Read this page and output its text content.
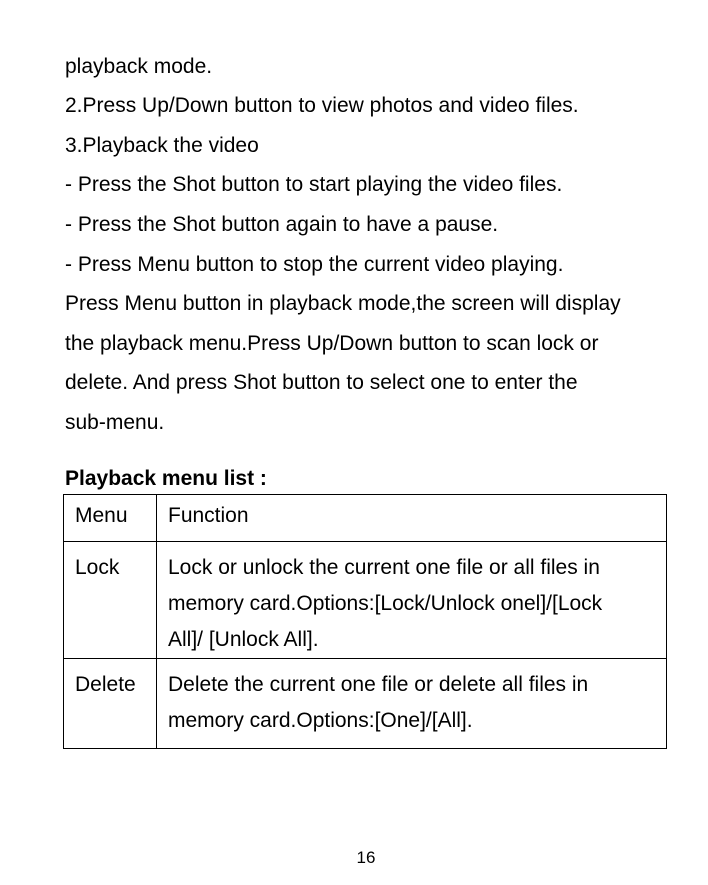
playback mode.
2.Press Up/Down button to view photos and video files.
3.Playback the video
- Press the Shot button to start playing the video files.
- Press the Shot button again to have a pause.
- Press Menu button to stop the current video playing.
Press Menu button in playback mode,the screen will display
the playback menu.Press Up/Down button to scan lock or
delete. And press Shot button to select one to enter the
sub-menu.
Playback menu list :
Menu	Function

Lock	Lock or unlock the current one file or all files in
memory card.Options:[Lock/Unlock onel]/[Lock
All]/ [Unlock All].

Delete	Delete the current one file or delete all files in
memory card.Options:[One]/[All].
16
